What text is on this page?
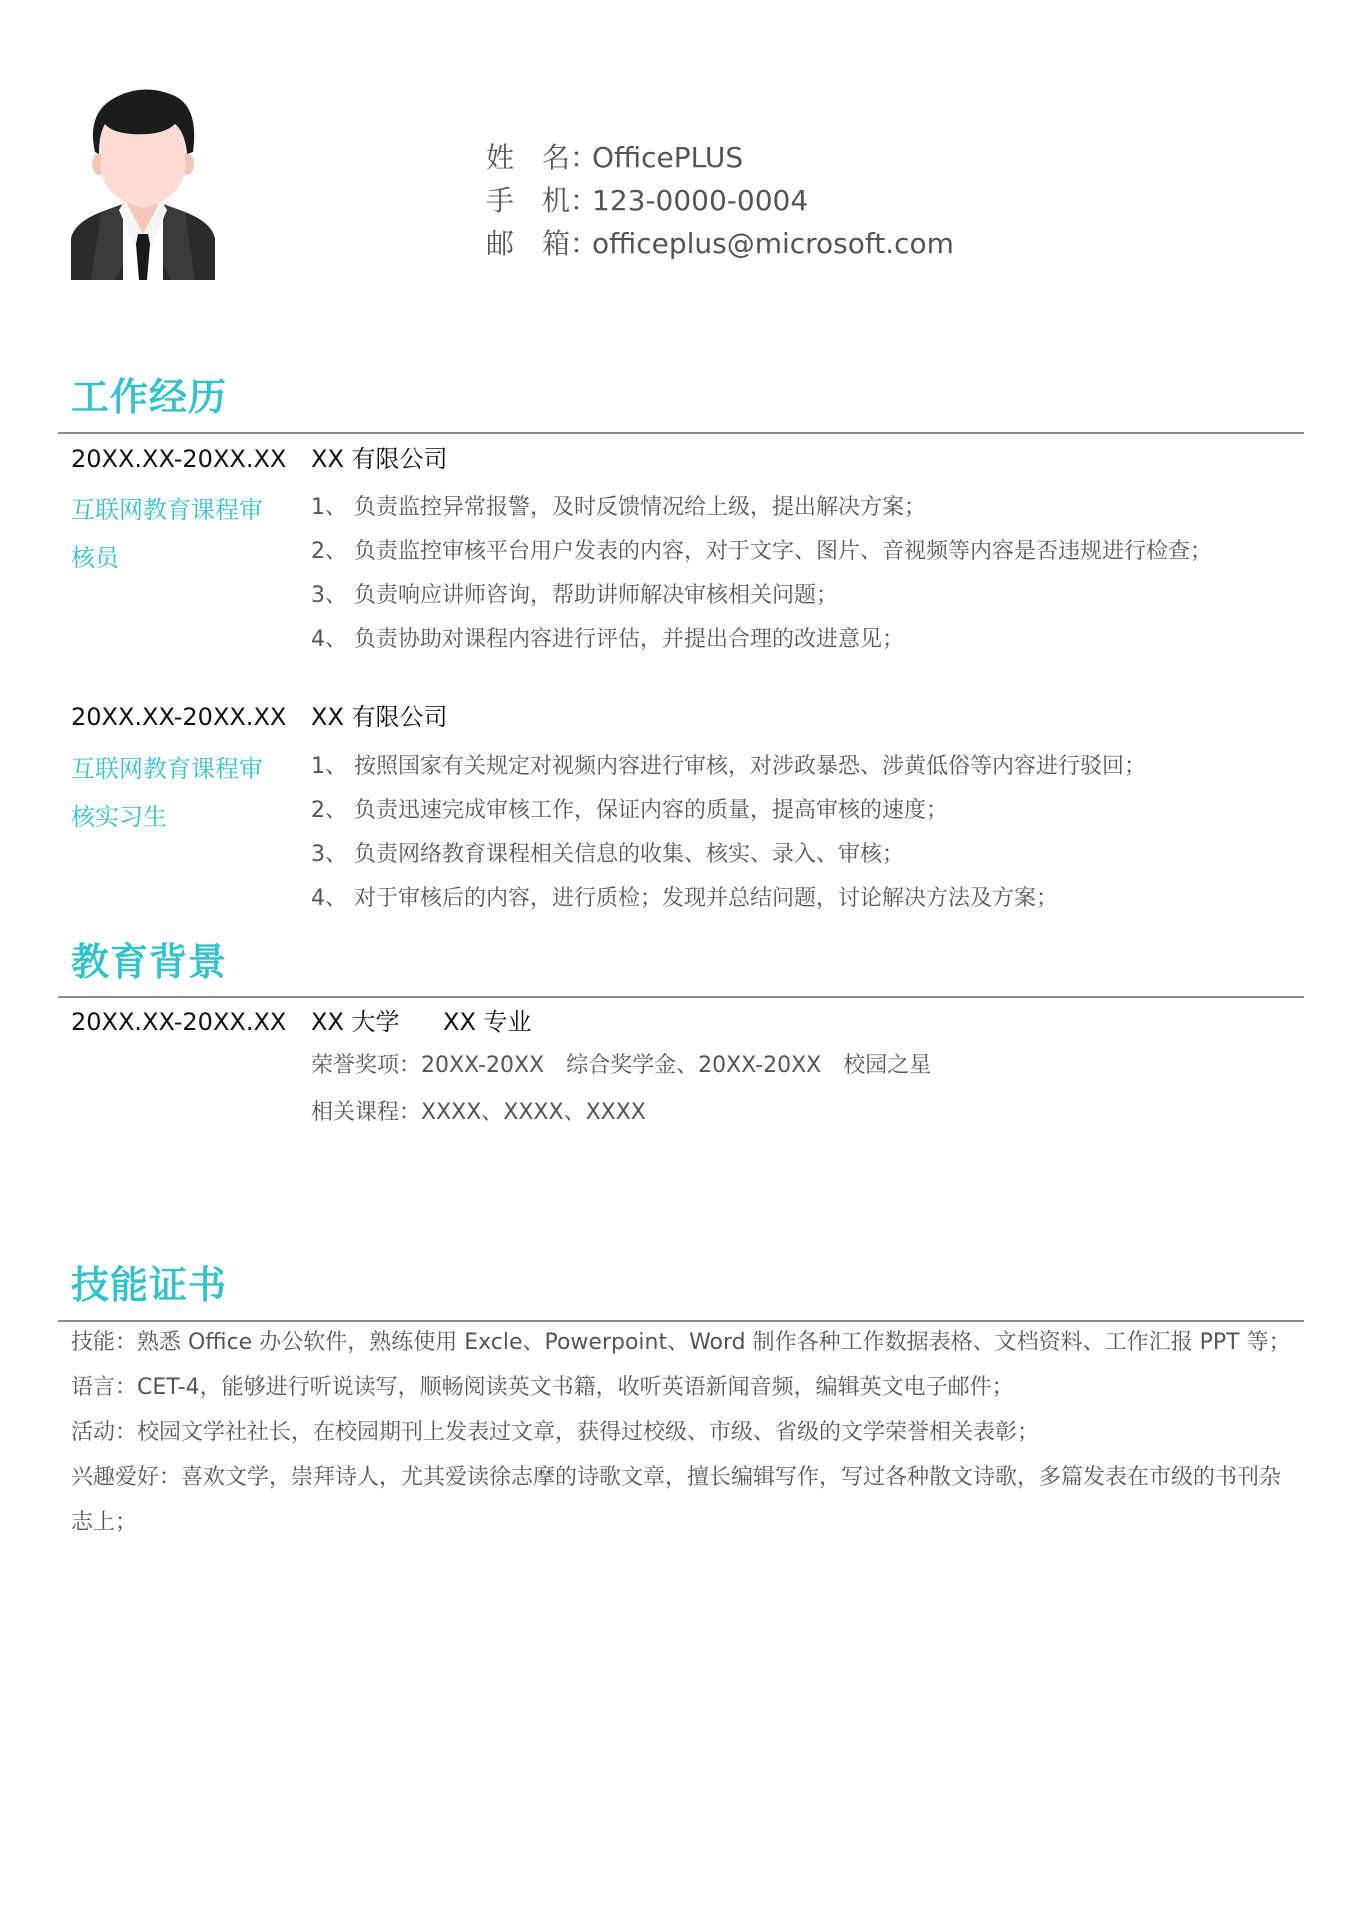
姓　名：OfficePLUS
手　机：123-0000-0004
邮　箱：officeplus@microsoft.com
工作经历
20XX.XX-20XX.XX XX 有限公司
互联网教育课程审核员
1、 负责监控异常报警，及时反馈情况给上级，提出解决方案；
2、 负责监控审核平台用户发表的内容，对于文字、图片、音视频等内容是否违规进行检查；
3、 负责响应讲师咨询，帮助讲师解决审核相关问题；
4、 负责协助对课程内容进行评估，并提出合理的改进意见；
20XX.XX-20XX.XX XX 有限公司
互联网教育课程审核实习生
1、 按照国家有关规定对视频内容进行审核，对涉政暴恐、涉黄低俗等内容进行驳回；
2、 负责迅速完成审核工作，保证内容的质量，提高审核的速度；
3、 负责网络教育课程相关信息的收集、核实、录入、审核；
4、 对于审核后的内容，进行质检；发现并总结问题，讨论解决方法及方案；
教育背景
20XX.XX-20XX.XX XX 大学 XX 专业
荣誉奖项：20XX-20XX　综合奖学金、20XX-20XX　校园之星
相关课程：XXXX、XXXX、XXXX
技能证书

技能：熟悉 Office 办公软件，熟练使用 Excle、Powerpoint、Word 制作各种工作数据表格、文档资料、工作汇报 PPT 等；

语言：CET-4，能够进行听说读写，顺畅阅读英文书籍，收听英语新闻音频，编辑英文电子邮件；

活动：校园文学社社长，在校园期刊上发表过文章，获得过校级、市级、省级的文学荣誉相关表彰；

兴趣爱好：喜欢文学，崇拜诗人，尤其爱读徐志摩的诗歌文章，擅长编辑写作，写过各种散文诗歌，多篇发表在市级的书刊杂志上；
